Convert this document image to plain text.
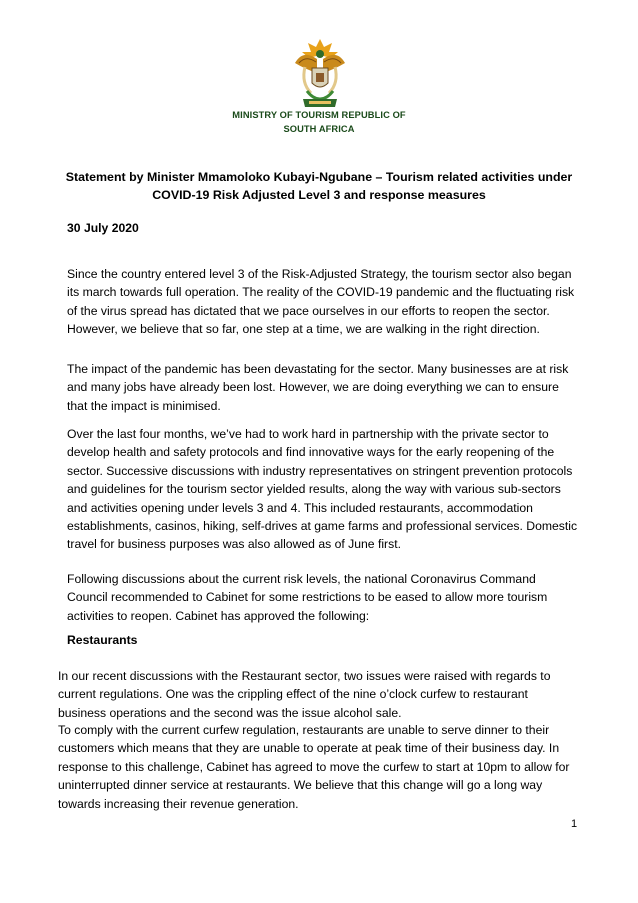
MINISTRY OF TOURISM REPUBLIC OF
SOUTH AFRICA
Statement by Minister Mmamoloko Kubayi-Ngubane – Tourism related activities under COVID-19 Risk Adjusted Level 3 and response measures
30 July 2020

Since the country entered level 3 of the Risk-Adjusted Strategy, the tourism sector also began its march towards full operation. The reality of the COVID-19 pandemic and the fluctuating risk of the virus spread has dictated that we pace ourselves in our efforts to reopen the sector. However, we believe that so far, one step at a time, we are walking in the right direction.

The impact of the pandemic has been devastating for the sector. Many businesses are at risk and many jobs have already been lost. However, we are doing everything we can to ensure that the impact is minimised.

Over the last four months, we’ve had to work hard in partnership with the private sector to develop health and safety protocols and find innovative ways for the early reopening of the sector. Successive discussions with industry representatives on stringent prevention protocols and guidelines for the tourism sector yielded results, along the way with various sub-sectors and activities opening under levels 3 and 4. This included restaurants, accommodation establishments, casinos, hiking, self-drives at game farms and professional services. Domestic travel for business purposes was also allowed as of June first.

Following discussions about the current risk levels, the national Coronavirus Command Council recommended to Cabinet for some restrictions to be eased to allow more tourism activities to reopen. Cabinet has approved the following:

Restaurants

In our recent discussions with the Restaurant sector, two issues were raised with regards to current regulations. One was the crippling effect of the nine o’clock curfew to restaurant business operations and the second was the issue alcohol sale.

To comply with the current curfew regulation, restaurants are unable to serve dinner to their customers which means that they are unable to operate at peak time of their business day. In response to this challenge, Cabinet has agreed to move the curfew to start at 10pm to allow for uninterrupted dinner service at restaurants. We believe that this change will go a long way towards increasing their revenue generation.

1
